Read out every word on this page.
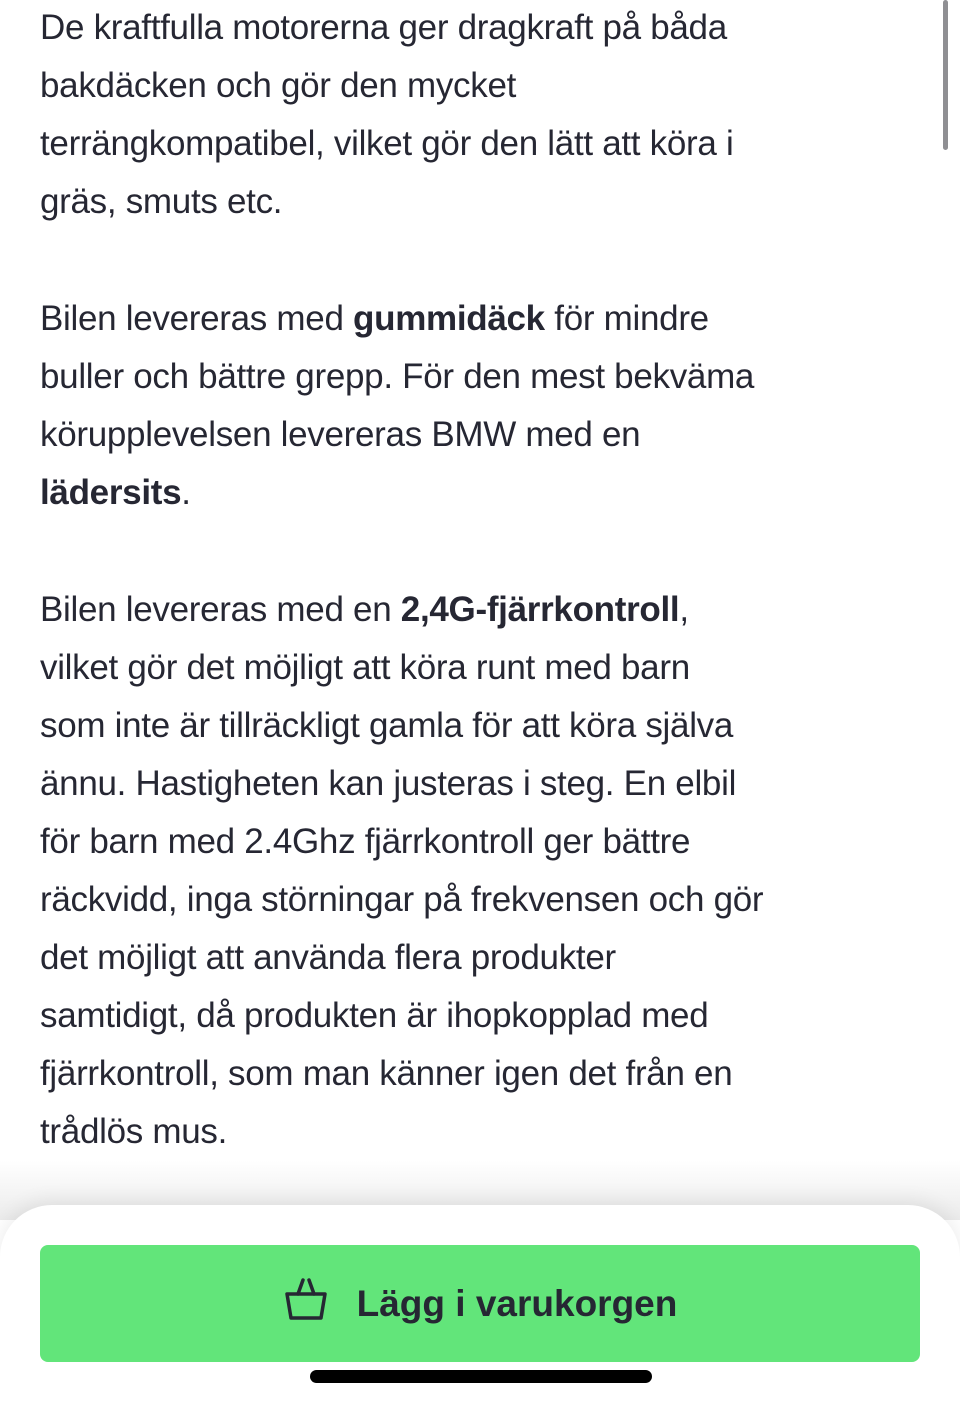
De kraftfulla motorerna ger dragkraft på båda
bakdäcken och gör den mycket
terrängkompatibel, vilket gör den lätt att köra i
gräs, smuts etc.

Bilen levereras med gummidäck för mindre
buller och bättre grepp. För den mest bekväma
körupplevelsen levereras BMW med en
lädersits.

Bilen levereras med en 2,4G-fjärrkontroll,
vilket gör det möjligt att köra runt med barn
som inte är tillräckligt gamla för att köra själva
ännu. Hastigheten kan justeras i steg. En elbil
för barn med 2.4Ghz fjärrkontroll ger bättre
räckvidd, inga störningar på frekvensen och gör
det möjligt att använda flera produkter
samtidigt, då produkten är ihopkopplad med
fjärrkontroll, som man känner igen det från en
trådlös mus.

Lägg i varukorgen
